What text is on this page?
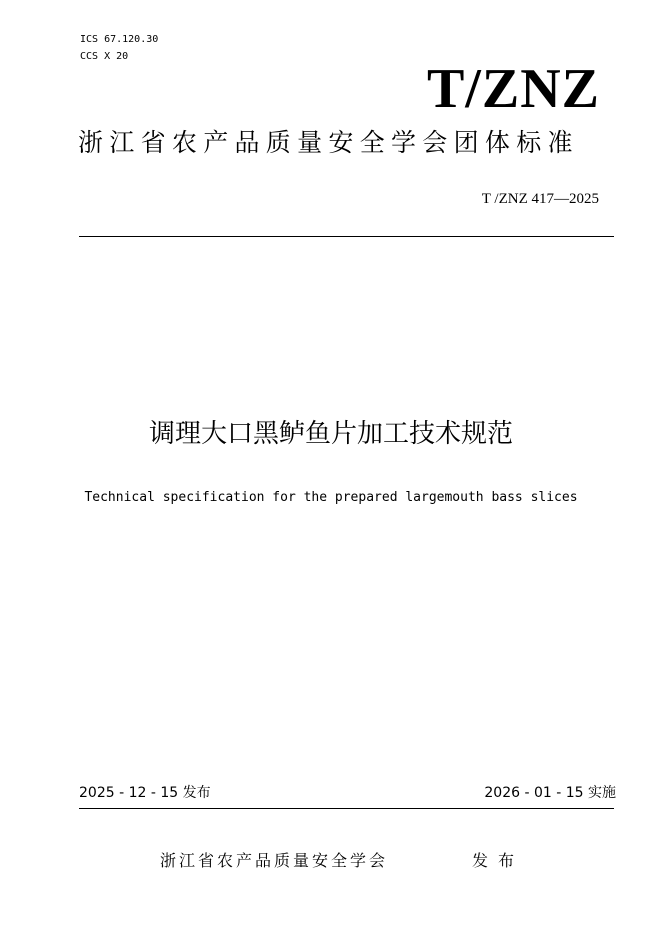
ICS 67.120.30
CCS X 20
T/ZNZ
浙江省农产品质量安全学会团体标准
T /ZNZ 417—2025
调理大口黑鲈鱼片加工技术规范
Technical specification for the prepared largemouth bass slices
2025 - 12 - 15 发布	2026 - 01 - 15 实施
浙江省农产品质量安全学会	发布
